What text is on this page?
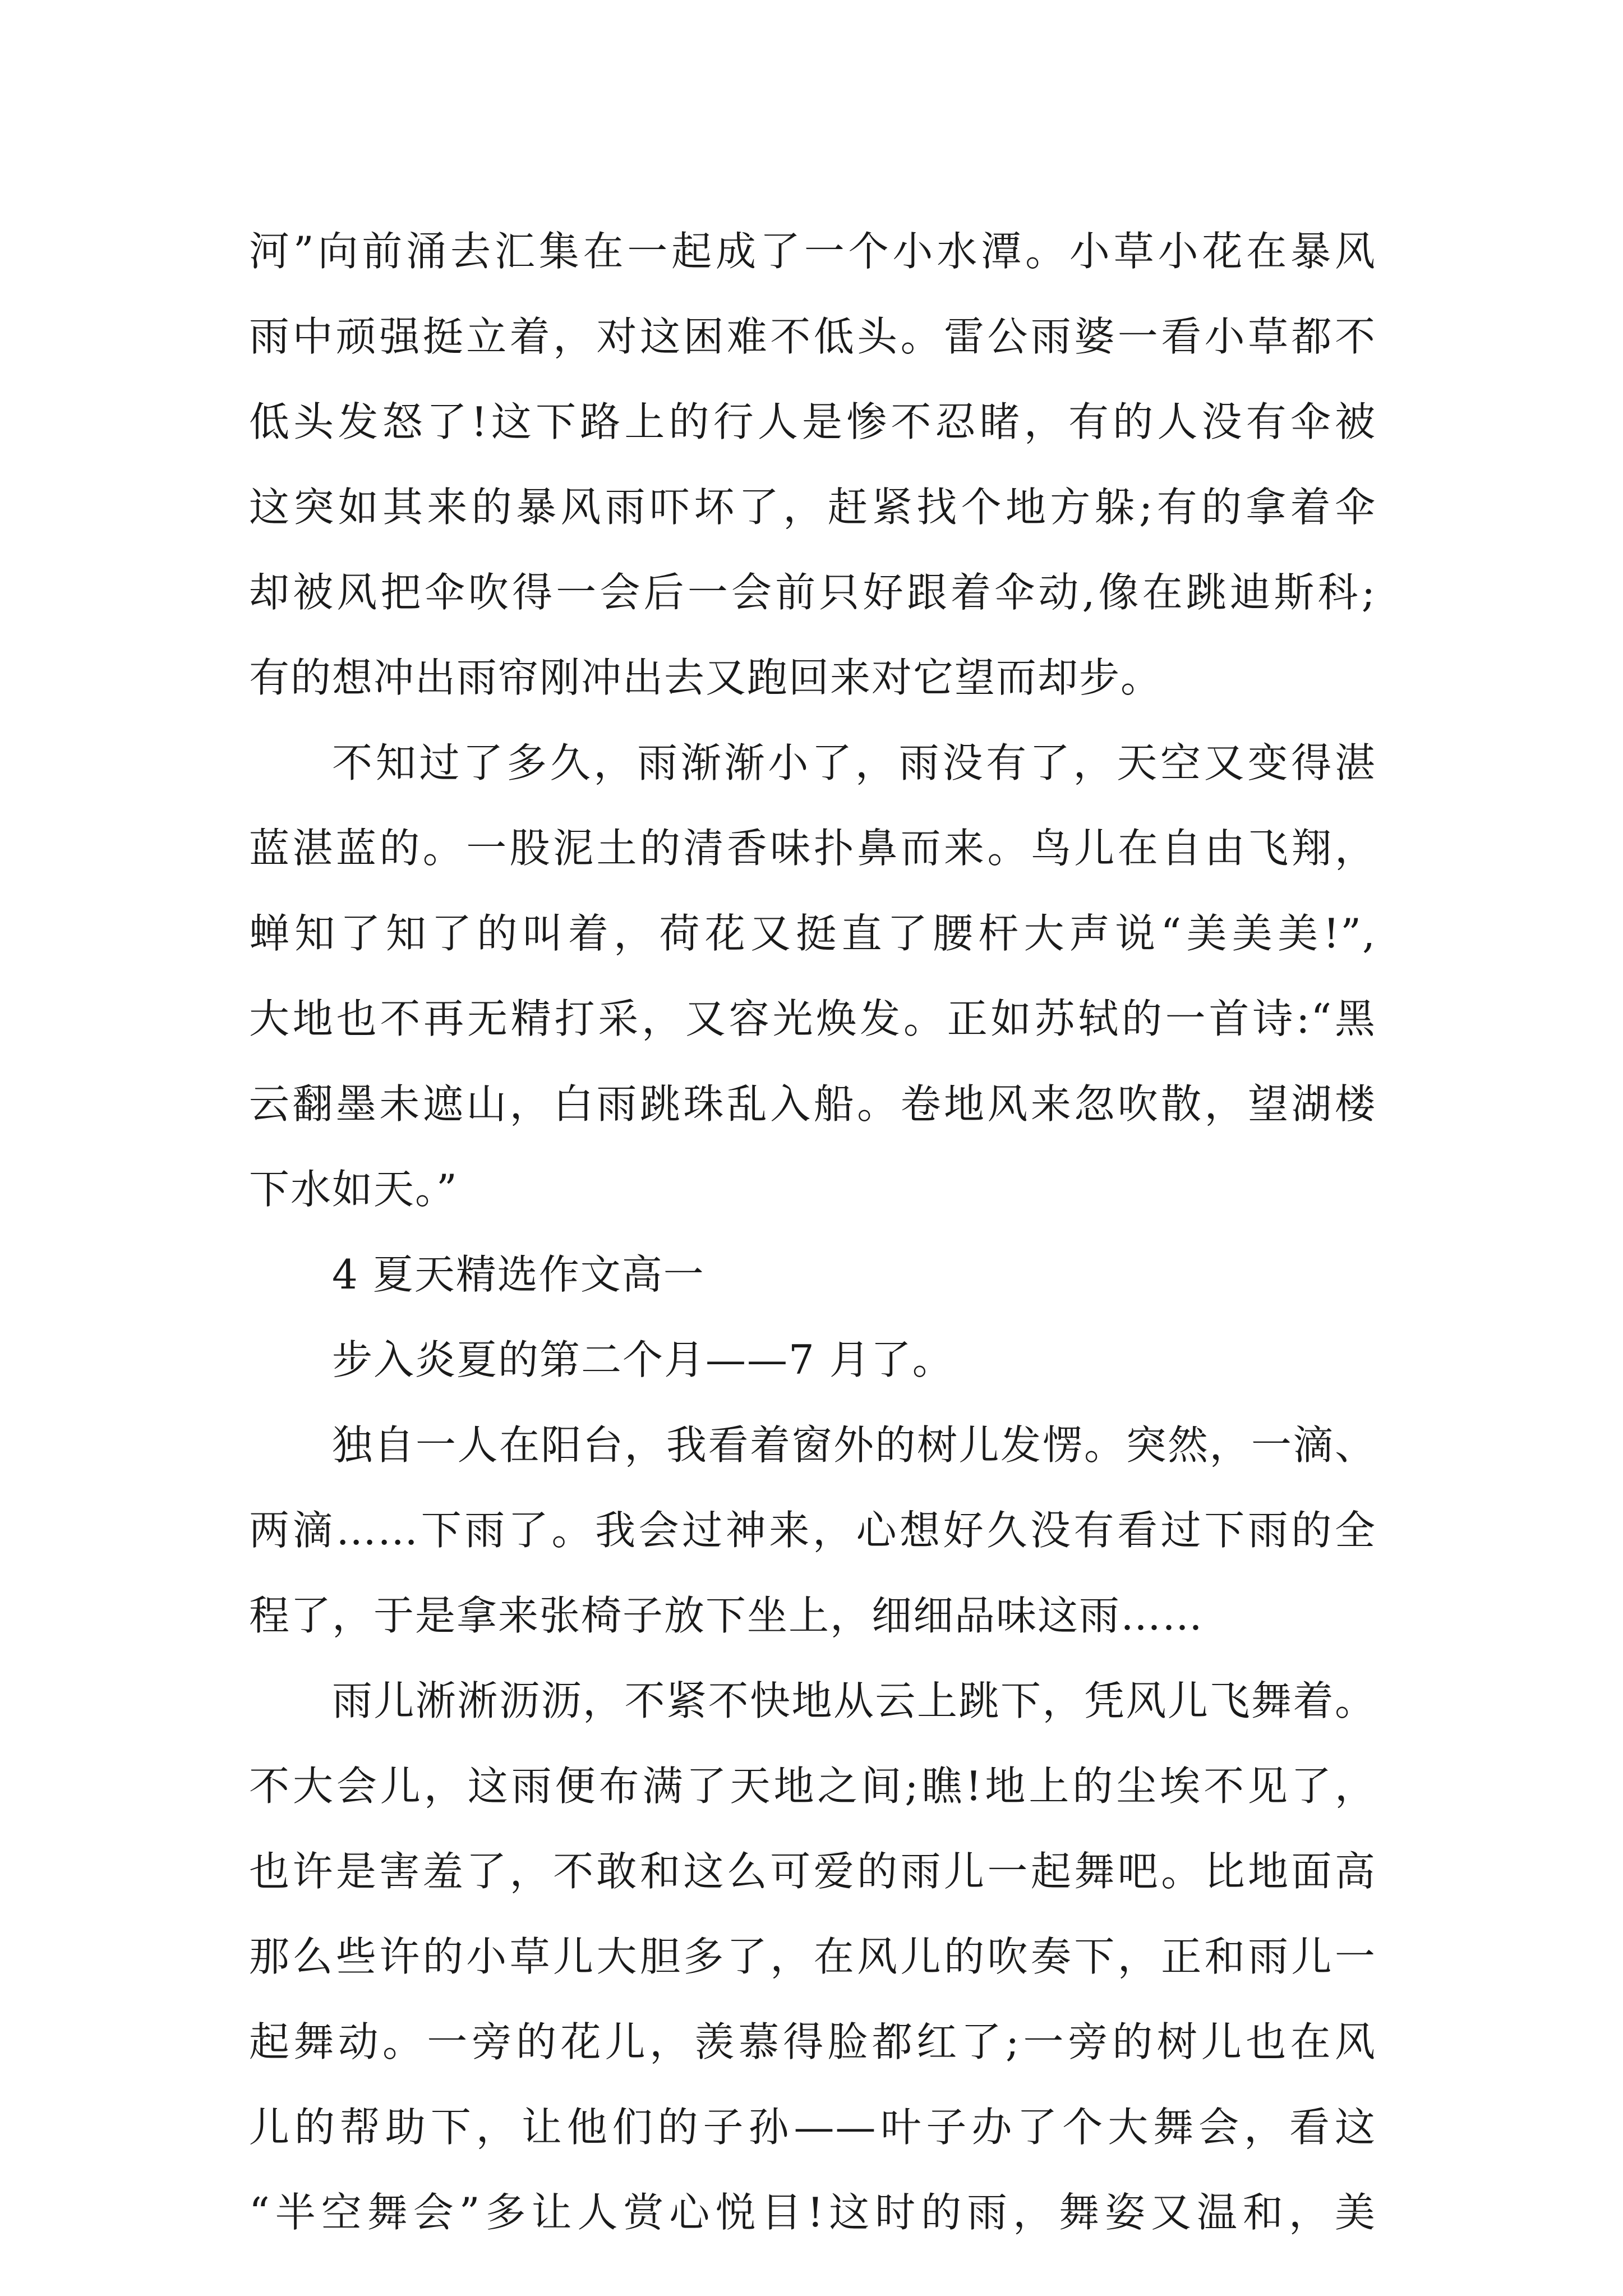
河”向前涌去汇集在一起成了一个小水潭。小草小花在暴风
雨中顽强挺立着，对这困难不低头。雷公雨婆一看小草都不
低头发怒了!这下路上的行人是惨不忍睹，有的人没有伞被
这突如其来的暴风雨吓坏了，赶紧找个地方躲;有的拿着伞
却被风把伞吹得一会后一会前只好跟着伞动,像在跳迪斯科;
有的想冲出雨帘刚冲出去又跑回来对它望而却步。
不知过了多久，雨渐渐小了，雨没有了，天空又变得湛
蓝湛蓝的。一股泥土的清香味扑鼻而来。鸟儿在自由飞翔，
蝉知了知了的叫着，荷花又挺直了腰杆大声说“美美美!”,
大地也不再无精打采，又容光焕发。正如苏轼的一首诗:“黑
云翻墨未遮山，白雨跳珠乱入船。卷地风来忽吹散，望湖楼
下水如天。”
4 夏天精选作文高一
步入炎夏的第二个月——7 月了。
独自一人在阳台，我看着窗外的树儿发愣。突然，一滴、
两滴……下雨了。我会过神来，心想好久没有看过下雨的全
程了，于是拿来张椅子放下坐上，细细品味这雨……
雨儿淅淅沥沥，不紧不快地从云上跳下，凭风儿飞舞着。
不大会儿，这雨便布满了天地之间;瞧!地上的尘埃不见了，
也许是害羞了，不敢和这么可爱的雨儿一起舞吧。比地面高
那么些许的小草儿大胆多了，在风儿的吹奏下，正和雨儿一
起舞动。一旁的花儿，羡慕得脸都红了;一旁的树儿也在风
儿的帮助下，让他们的子孙——叶子办了个大舞会，看这
“半空舞会”多让人赏心悦目!这时的雨，舞姿又温和，美
